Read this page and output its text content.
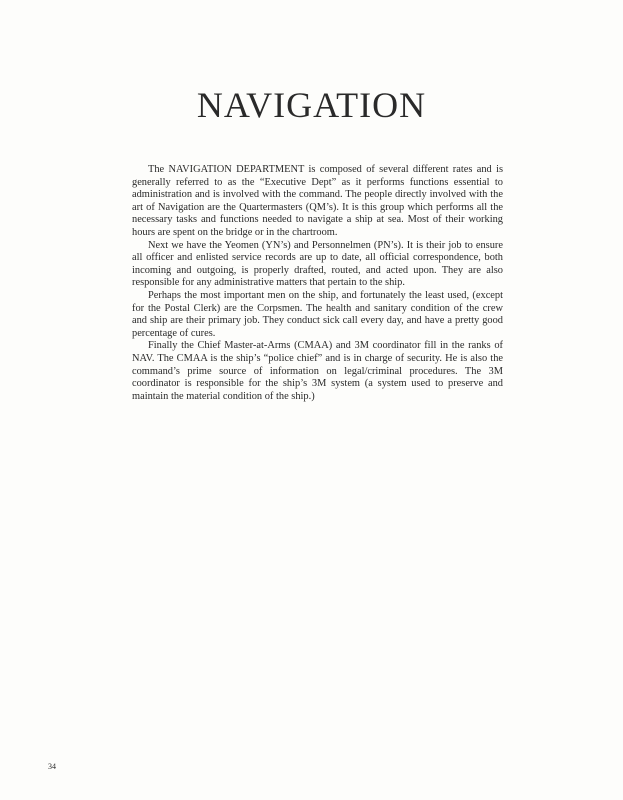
NAVIGATION

The NAVIGATION DEPARTMENT is composed of several different rates and is generally referred to as the “Executive Dept” as it performs functions essential to administration and is involved with the command. The people directly involved with the art of Navigation are the Quartermasters (QM’s). It is this group which performs all the necessary tasks and functions needed to navigate a ship at sea. Most of their working hours are spent on the bridge or in the chartroom.

Next we have the Yeomen (YN’s) and Personnelmen (PN’s). It is their job to ensure all officer and enlisted service records are up to date, all official correspondence, both incoming and outgoing, is properly drafted, routed, and acted upon. They are also responsible for any administrative matters that pertain to the ship.

Perhaps the most important men on the ship, and fortunately the least used, (except for the Postal Clerk) are the Corpsmen. The health and sanitary condition of the crew and ship are their primary job. They conduct sick call every day, and have a pretty good percentage of cures.

Finally the Chief Master-at-Arms (CMAA) and 3M coordinator fill in the ranks of NAV. The CMAA is the ship’s “police chief” and is in charge of security. He is also the command’s prime source of information on legal/criminal procedures. The 3M coordinator is responsible for the ship’s 3M system (a system used to preserve and maintain the material condition of the ship.)

34
